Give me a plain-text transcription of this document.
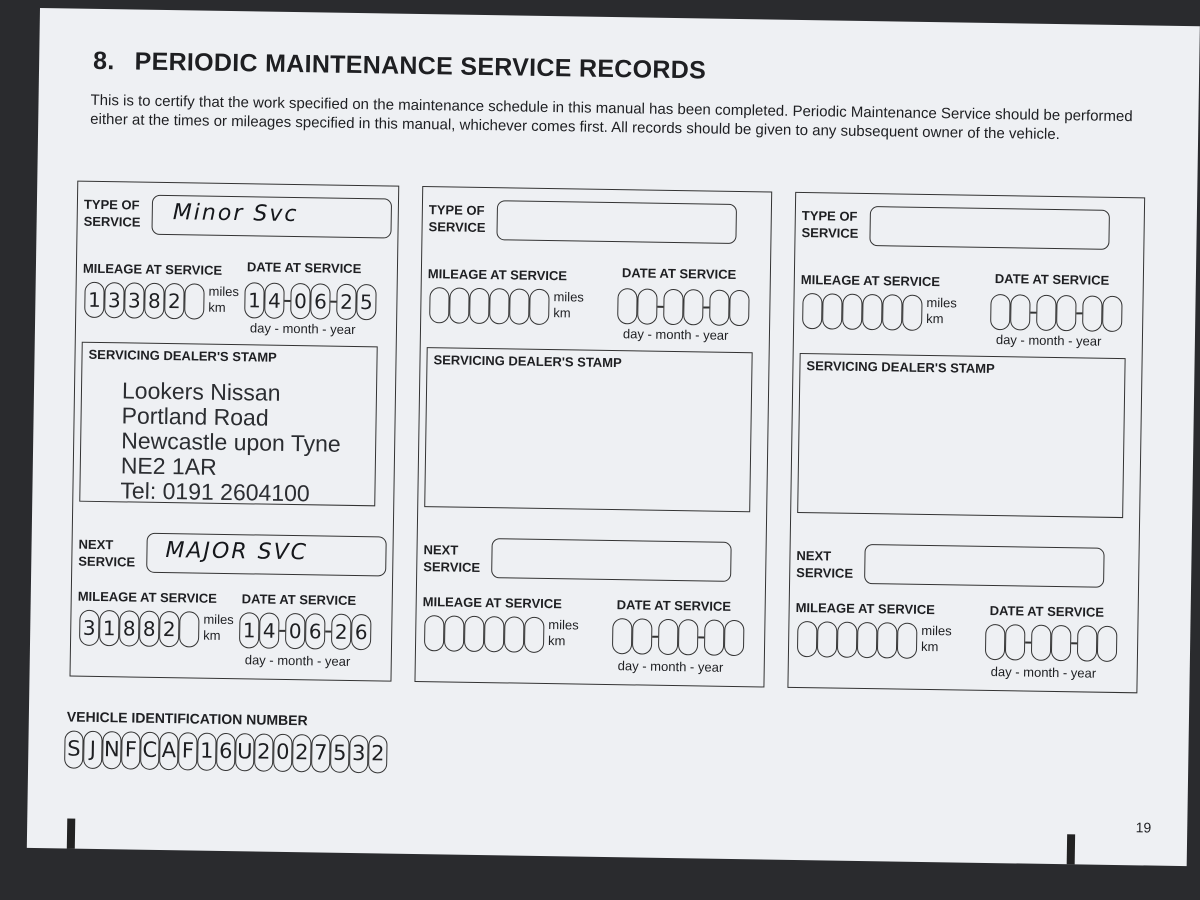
8. PERIODIC MAINTENANCE SERVICE RECORDS
This is to certify that the work specified on the maintenance schedule in this manual has been completed. Periodic Maintenance Service should be performed either at the times or mileages specified in this manual, whichever comes first. All records should be given to any subsequent owner of the vehicle.
TYPE OF SERVICE Minor Svc
MILEAGE AT SERVICE DATE AT SERVICE
1 3 3 8 2 miles
km 1 4 0 6 2 5
day - month - year
SERVICING DEALER'S STAMP
Lookers Nissan
Portland Road
Newcastle upon Tyne
NE2 1AR
Tel: 0191 2604100
NEXT SERVICE MAJOR SVC
MILEAGE AT SERVICE DATE AT SERVICE
3 1 8 8 2 miles
km 1 4 0 6 2 6
day - month - year
TYPE OF SERVICE
MILEAGE AT SERVICE	DATE AT SERVICE
miles
km
day - month - year
SERVICING DEALER'S STAMP
NEXT SERVICE
MILEAGE AT SERVICE	DATE AT SERVICE
miles
km
day - month - year
TYPE OF SERVICE
MILEAGE AT SERVICE	DATE AT SERVICE
miles
km
day - month - year
SERVICING DEALER'S STAMP
NEXT SERVICE
MILEAGE AT SERVICE	DATE AT SERVICE
miles
km
day - month - year
VEHICLE IDENTIFICATION NUMBER
S J N F C A F 1 6 U 2 0 2 7 5 3 2
19
